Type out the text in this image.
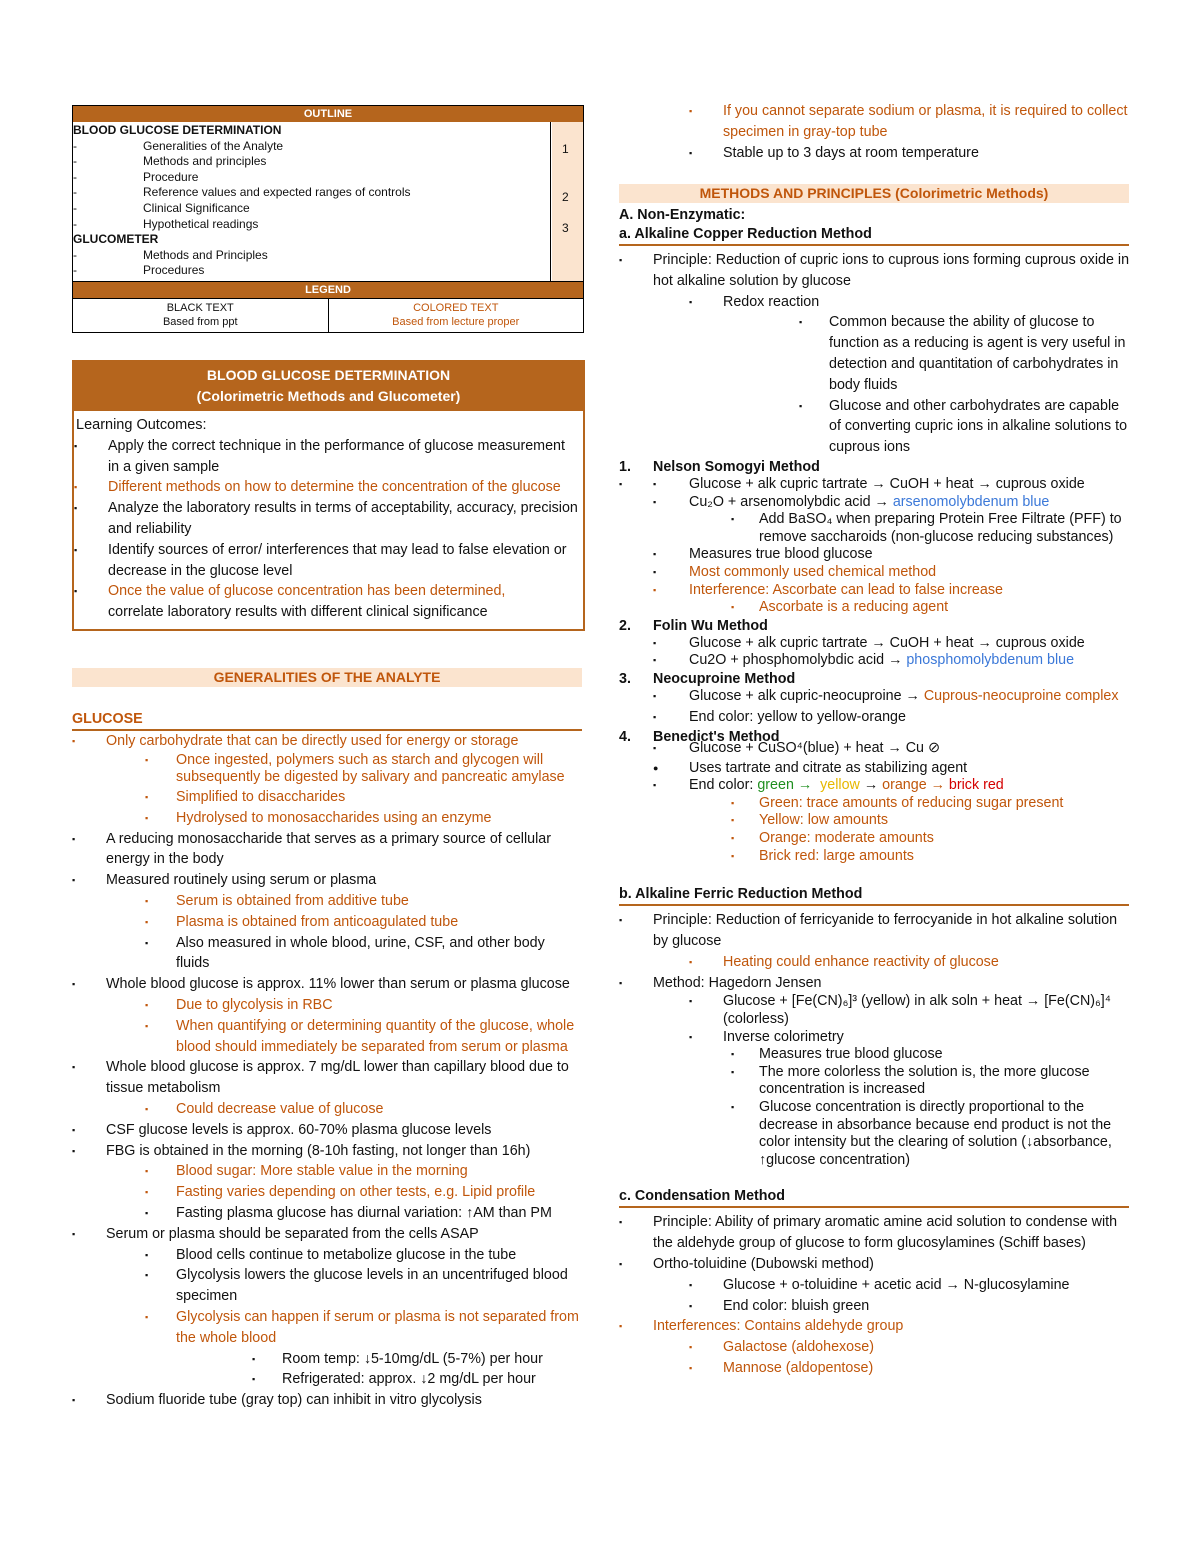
OUTLINE
BLOOD GLUCOSE DETERMINATION
- Generalities of the Analyte
- Methods and principles
- Procedure
- Reference values and expected ranges of controls
- Clinical Significance
- Hypothetical readings
GLUCOMETER
- Methods and Principles
- Procedures
1
2
3
LEGEND
BLACK TEXT
Based from ppt
COLORED TEXT
Based from lecture proper
BLOOD GLUCOSE DETERMINATION
(Colorimetric Methods and Glucometer)
Learning Outcomes:
▪ Apply the correct technique in the performance of glucose measurement in a given sample
▪ Different methods on how to determine the concentration of the glucose
▪ Analyze the laboratory results in terms of acceptability, accuracy, precision and reliability
▪ Identify sources of error/ interferences that may lead to false elevation or decrease in the glucose level
▪ Once the value of glucose concentration has been determined,
correlate laboratory results with different clinical significance
GENERALITIES OF THE ANALYTE
GLUCOSE
▪ Only carbohydrate that can be directly used for energy or storage
▪ Once ingested, polymers such as starch and glycogen will subsequently be digested by salivary and pancreatic amylase
▪ Simplified to disaccharides
▪ Hydrolysed to monosaccharides using an enzyme
▪ A reducing monosaccharide that serves as a primary source of cellular energy in the body
▪ Measured routinely using serum or plasma
▪ Serum is obtained from additive tube
▪ Plasma is obtained from anticoagulated tube
▪ Also measured in whole blood, urine, CSF, and other body fluids
▪ Whole blood glucose is approx. 11% lower than serum or plasma glucose
▪ Due to glycolysis in RBC
▪ When quantifying or determining quantity of the glucose, whole blood should immediately be separated from serum or plasma
▪ Whole blood glucose is approx. 7 mg/dL lower than capillary blood due to tissue metabolism
▪ Could decrease value of glucose
▪ CSF glucose levels is approx. 60-70% plasma glucose levels
▪ FBG is obtained in the morning (8-10h fasting, not longer than 16h)
▪ Blood sugar: More stable value in the morning
▪ Fasting varies depending on other tests, e.g. Lipid profile
▪ Fasting plasma glucose has diurnal variation: ↑AM than PM
▪ Serum or plasma should be separated from the cells ASAP
▪ Blood cells continue to metabolize glucose in the tube
▪ Glycolysis lowers the glucose levels in an uncentrifuged blood specimen
▪ Glycolysis can happen if serum or plasma is not separated from the whole blood
▪ Room temp: ↓5-10mg/dL (5-7%) per hour
▪ Refrigerated: approx. ↓2 mg/dL per hour
▪ Sodium fluoride tube (gray top) can inhibit in vitro glycolysis
▪ If you cannot separate sodium or plasma, it is required to collect specimen in gray-top tube
▪ Stable up to 3 days at room temperature
METHODS AND PRINCIPLES (Colorimetric Methods)
A. Non-Enzymatic:
a. Alkaline Copper Reduction Method
▪ Principle: Reduction of cupric ions to cuprous ions forming cuprous oxide in hot alkaline solution by glucose
▪ Redox reaction
▪ Common because the ability of glucose to function as a reducing is agent is very useful in detection and quantitation of carbohydrates in body fluids
▪ Glucose and other carbohydrates are capable of converting cupric ions in alkaline solutions to cuprous ions
1. Nelson Somogyi Method
▪ ▪ Glucose + alk cupric tartrate → CuOH + heat → cuprous oxide
▪ Cu₂O + arsenomolybdic acid → arsenomolybdenum blue
▪ Add BaSO₄ when preparing Protein Free Filtrate (PFF) to remove saccharoids (non-glucose reducing substances)
▪ Measures true blood glucose
▪ Most commonly used chemical method
▪ Interference: Ascorbate can lead to false increase
▪ Ascorbate is a reducing agent
2. Folin Wu Method
▪ Glucose + alk cupric tartrate → CuOH + heat → cuprous oxide
▪ Cu2O + phosphomolybdic acid → phosphomolybdenum blue
3. Neocuproine Method
▪ Glucose + alk cupric-neocuproine → Cuprous-neocuproine complex
▪ End color: yellow to yellow-orange
4. Benedict's Method
▪ Glucose + CuSO⁴(blue) + heat → Cu ⊘
● Uses tartrate and citrate as stabilizing agent
▪ End color: green → yellow → orange → brick red
▪ Green: trace amounts of reducing sugar present
▪ Yellow: low amounts
▪ Orange: moderate amounts
▪ Brick red: large amounts
b. Alkaline Ferric Reduction Method
▪ Principle: Reduction of ferricyanide to ferrocyanide in hot alkaline solution by glucose
▪ Heating could enhance reactivity of glucose
▪ Method: Hagedorn Jensen
▪ Glucose + [Fe(CN)₆]³ (yellow) in alk soln + heat → [Fe(CN)₆]⁴ (colorless)
▪ Inverse colorimetry
▪ Measures true blood glucose
▪ The more colorless the solution is, the more glucose concentration is increased
▪ Glucose concentration is directly proportional to the decrease in absorbance because end product is not the color intensity but the clearing of solution (↓absorbance, ↑glucose concentration)
c. Condensation Method
▪ Principle: Ability of primary aromatic amine acid solution to condense with the aldehyde group of glucose to form glucosylamines (Schiff bases)
▪ Ortho-toluidine (Dubowski method)
▪ Glucose + o-toluidine + acetic acid → N-glucosylamine
▪ End color: bluish green
▪ Interferences: Contains aldehyde group
▪ Galactose (aldohexose)
▪ Mannose (aldopentose)
